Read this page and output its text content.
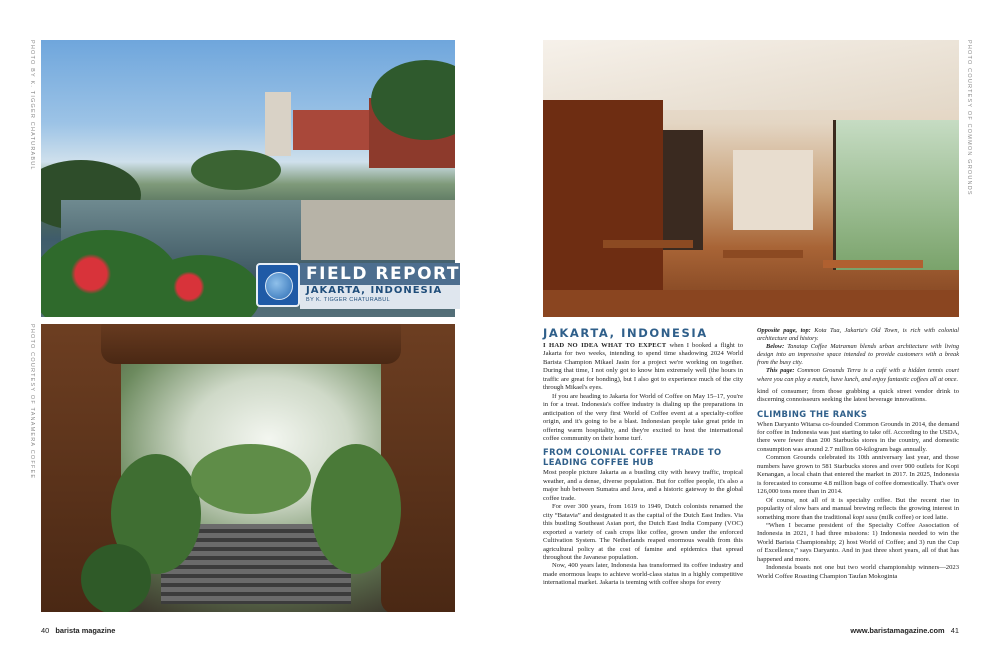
PHOTO BY K. TIGGER CHATURABUL
PHOTO COURTESY OF TANAMERA COFFEE
PHOTO COURTESY OF COMMON GROUNDS
FIELD REPORT
JAKARTA, INDONESIA
BY K. TIGGER CHATURABUL
JAKARTA, INDONESIA

I HAD NO IDEA WHAT TO EXPECT when I booked a flight to Jakarta for two weeks, intending to spend time shadowing 2024 World Barista Champion Mikael Jasin for a project we're working on together. During that time, I not only got to know him extremely well (the hours in traffic are great for bonding), but I also got to experience much of the city through Mikael's eyes.

If you are heading to Jakarta for World of Coffee on May 15–17, you're in for a treat. Indonesia's coffee industry is dialing up the preparations in anticipation of the very first World of Coffee event at a specialty-coffee origin, and it's going to be a blast. Indonesian people take great pride in offering warm hospitality, and they're excited to host the international coffee community on their home turf.

FROM COLONIAL COFFEE TRADE TO LEADING COFFEE HUB

Most people picture Jakarta as a bustling city with heavy traffic, tropical weather, and a dense, diverse population. But for coffee people, it's also a major hub between Sumatra and Java, and a historic gateway to the global coffee trade.

For over 300 years, from 1619 to 1949, Dutch colonists renamed the city “Batavia” and designated it as the capital of the Dutch East Indies. Via this bustling Southeast Asian port, the Dutch East India Company (VOC) exported a variety of cash crops like coffee, grown under the enforced Cultivation System. The Netherlands reaped enormous wealth from this agricultural policy at the cost of famine and epidemics that spread throughout the Javanese population.

Now, 400 years later, Indonesia has transformed its coffee industry and made enormous leaps to achieve world-class status in a highly competitive international market. Jakarta is teeming with coffee shops for every

Opposite page, top: Kota Tua, Jakarta's Old Town, is rich with colonial architecture and history.

Below: Tanatap Coffee Matraman blends urban architecture with living design into an impressive space intended to provide customers with a break from the busy city.

This page: Common Grounds Terra is a café with a hidden tennis court where you can play a match, have lunch, and enjoy fantastic coffees all at once.

kind of consumer; from those grabbing a quick street vendor drink to discerning connoisseurs seeking the latest beverage innovations.

CLIMBING THE RANKS

When Daryanto Witarsa co-founded Common Grounds in 2014, the demand for coffee in Indonesia was just starting to take off. According to the USDA, there were fewer than 200 Starbucks stores in the country, and domestic consumption was around 2.7 million 60-kilogram bags annually.

Common Grounds celebrated its 10th anniversary last year, and those numbers have grown to 581 Starbucks stores and over 900 outlets for Kopi Kenangan, a local chain that entered the market in 2017. In 2025, Indonesia is forecasted to consume 4.8 million bags of coffee domestically. That's over 126,000 tons more than in 2014.

Of course, not all of it is specialty coffee. But the recent rise in popularity of slow bars and manual brewing reflects the growing interest in something more than the traditional kopi susu (milk coffee) or iced latte.

“When I became president of the Specialty Coffee Association of Indonesia in 2021, I had three missions: 1) Indonesia needed to win the World Barista Championship; 2) host World of Coffee; and 3) run the Cup of Excellence,” says Daryanto. And in just three short years, all of that has happened and more.

Indonesia boasts not one but two world championship winners—2023 World Coffee Roasting Champion Taufan Mokoginta

40 barista magazine	www.baristamagazine.com 41
